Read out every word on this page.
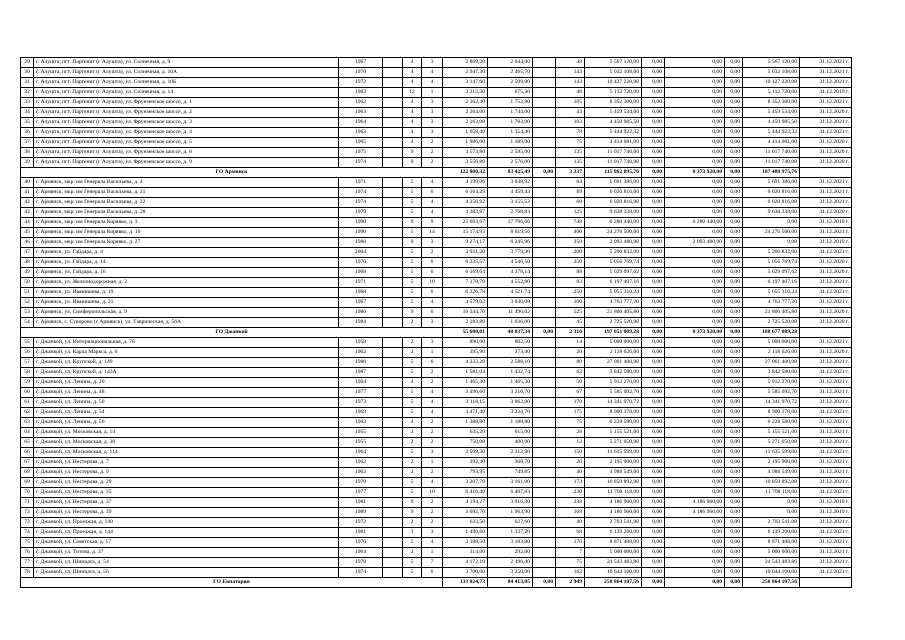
29	г. Алушта, пгт. Партенит (г Алушта), ул. Солнечная, д. 9	1967		4	3	2 869,20	2 044,00		48	5 567 120,00	0,00	0,00	0,00	5 567 120,00	31.12.2021 г.
30	г. Алушта, пгт. Партенит (г Алушта), ул. Солнечная, д. 10А	1970		4	4	2 947,30	2 465,70		143	5 032 108,00	0,00	0,00	0,00	5 032 108,00	31.12.2021 г.
31	г. Алушта, пгт. Партенит (г Алушта), ул. Солнечная, д. 10Б	1972		4	4	3 147,60	2 599,00		143	10 427 220,00	0,00	0,00	0,00	10 427 220,00	31.12.2021 г.
32	г. Алушта, пгт. Партенит (г Алушта), ул. Солнечная, д. 14	1983		12	1	3 215,30	675,30		48	5 112 720,00	0,00	0,00	0,00	5 112 720,00	31.12.2019 г.
33	г. Алушта, пгт. Партенит (г Алушта), ул. Фрунзенское шоссе, д. 1	1962		4	3	2 162,40	1 752,80		105	8 352 300,00	0,00	0,00	0,00	8 352 300,00	31.12.2021 г.
34	г. Алушта, пгт. Партенит (г Алушта), ул. Фрунзенское шоссе, д. 2	1963		4	3	2 204,00	1 744,00		43	5 459 534,00	0,00	0,00	0,00	5 459 534,00	31.12.2020 г.
35	г. Алушта, пгт. Партенит (г Алушта), ул. Фрунзенское шоссе, д. 3	1964		4	3	2 163,00	1 703,00		103	4 450 985,50	0,00	0,00	0,00	4 450 985,50	31.12.2021 г.
36	г. Алушта, пгт. Партенит (г Алушта), ул. Фрунзенское шоссе, д. 4	1963		4	3	1 658,40	1 354,40		78	5 444 922,32	0,00	0,00	0,00	5 444 922,32	31.12.2021 г.
37	г. Алушта, пгт. Партенит (г Алушта), ул. Фрунзенское шоссе, д. 5	1965		4	2	1 986,00	1 389,00		75	4 414 081,00	0,00	0,00	0,00	4 414 081,00	31.12.2020 г.
38	г. Алушта, пгт. Партенит (г Алушта), ул. Фрунзенское шоссе, д. 8	1975		9	2	3 573,80	2 595,00		135	11 017 740,00	0,00	0,00	0,00	11 017 740,00	31.12.2020 г.
39	г. Алушта, пгт. Партенит (г Алушта), ул. Фрунзенское шоссе, д. 9	1974		9	2	3 556,80	2 576,00		135	11 017 740,00	0,00	0,00	0,00	11 017 740,00	31.12.2020 г.
ГО Армянск						122 000,32	83 425,49	0,00	3 337	115 862 895,76	0,00	8 373 920,00	0,00	107 488 975,76	
40	г. Армянск, мкр. им Генерала Васильева, д. 4	1971		5	4	4 199,06	3 038,92		64	5 691 386,00	0,00	0,00	0,00	5 691 386,00	31.12.2021 г.
41	г. Армянск, мкр. им Генерала Васильева, д. 21	1974		5	6	6 164,29	4 459,43		89	6 020 816,00	0,00	0,00	0,00	6 020 816,00	31.12.2021 г.
42	г. Армянск, мкр. им Генерала Васильева, д. 22	1974		5	4	4 256,92	3 155,53		60	6 020 816,00	0,00	0,00	0,00	6 020 816,00	31.12.2021 г.
43	г. Армянск, мкр. им Генерала Васильева, д. 28	1979		5	4	4 383,87	2 768,83		125	9 638 338,00	0,00	0,00	0,00	9 638 338,00	31.12.2020 г.
44	г. Армянск, мкр. им Генерала Корявко, д. 3	1990		9	9	25 693,67	17 796,66		748	6 280 440,00	0,00	6 280 440,00	0,00	0,00	31.12.2019 г.
45	г. Армянск, мкр. им Генерала Корявко, д. 10	1990		5	14	15 174,93	8 619,56		400	24 276 500,00	0,00	0,00	0,00	24 276 500,00	31.12.2021 г.
46	г. Армянск, мкр. им Генерала Корявко, д. 27	1988		9	3	9 274,17	6 245,96		250	2 093 480,00	0,00	2 093 480,00	0,00	0,00	31.12.2019 г.
47	г. Армянск, ул. Гайдара, д. 4	2004		5	2	3 931,20	3 779,30		200	5 206 832,00	0,00	0,00	0,00	5 206 832,00	31.12.2021 г.
48	г. Армянск, ул. Гайдара, д. 14	1970		5	6	6 335,57	4 546,50		250	5 056 769,74	0,00	0,00	0,00	5 056 769,74	31.12.2020 г.
49	г. Армянск, ул. Гайдара, д. 16	1968		5	6	6 169,64	4 378,14		88	5 029 097,62	0,00	0,00	0,00	5 029 097,62	31.12.2020 г.
50	г. Армянск, ул. Железнодорожная, д. 2	1971		5	10	7 178,70	4 552,80		83	6 197 407,16	0,00	0,00	0,00	6 197 407,16	31.12.2021 г.
51	г. Армянск, ул. Иванишева, д. 19	1968		5	6	6 326,78	4 521,74		250	5 055 310,24	0,00	0,00	0,00	5 055 310,24	31.12.2021 г.
52	г. Армянск, ул. Иванишева, д. 21	1967		5	4	4 579,02	3 030,08		160	4 763 777,20	0,00	0,00	0,00	4 763 777,20	31.12.2021 г.
53	г. Армянск, ул. Симферопольская, д. 9	1986		9	6	16 344,70	11 496,02		525	21 806 405,80	0,00	0,00	0,00	21 806 405,80	31.12.2020 г.
54	г. Армянск, с. Суворово (г Армянск), ул. Таврическая, д. 56А	1984		2	3	2 183,80	1 036,00		45	2 725 520,00	0,00	0,00	0,00	2 725 520,00	31.12.2020 г.
ГО Джанкой						55 600,01	48 837,34	0,00	2 316	197 051 009,28	0,00	8 373 920,00	0,00	188 677 089,28	
55	г. Джанкой, ул. Интернациональная, д. 78	1958		2	3	890,00	802,50		14	5 000 000,00	0,00	0,00	0,00	5 000 000,00	31.12.2021 г.
56	г. Джанкой, ул. Карла Маркса, д. 6	1962		2	1	395,90	373,40		20	2 118 626,00	0,00	0,00	0,00	2 118 626,00	31.12.2020 г.
57	г. Джанкой, ул. Крупской, д. 149	1986		5	6	4 233,20	2 588,10		80	27 061 400,00	0,00	0,00	0,00	27 061 400,00	31.12.2021 г.
58	г. Джанкой, ул. Крупской, д. 143А	1987		5	2	1 581,04	1 432,74		63	3 842 580,00	0,00	0,00	0,00	3 842 580,00	31.12.2021 г.
59	г. Джанкой, ул. Ленина, д. 20	1964		4	2	1 465,30	1 465,30		50	5 912 270,00	0,00	0,00	0,00	5 912 270,00	31.12.2021 г.
60	г. Джанкой, ул. Ленина, д. 48	1977		5	4	3 496,60	3 216,70		67	5 585 092,70	0,00	0,00	0,00	5 585 092,70	31.12.2021 г.
61	г. Джанкой, ул. Ленина, д. 50	1973		5	4	3 118,15	3 062,00		170	14 341 970,72	0,00	0,00	0,00	14 341 970,72	31.12.2021 г.
62	г. Джанкой, ул. Ленина, д. 54	1969		5	4	3 471,40	3 224,70		175	8 900 178,00	0,00	0,00	0,00	8 900 178,00	31.12.2021 г.
63	г. Джанкой, ул. Ленина, д. 56	1963		4	2	1 388,80	1 188,80		75	6 228 580,00	0,00	0,00	0,00	6 228 580,00	31.12.2021 г.
64	г. Джанкой, ул. Московская, д. 14	1955		2	2	635,20	615,00		28	5 155 521,00	0,00	0,00	0,00	5 155 521,00	31.12.2021 г.
65	г. Джанкой, ул. Московская, д. 38	1955		2	2	750,00	400,00		12	5 271 050,00	0,00	0,00	0,00	5 271 050,00	31.12.2021 г.
66	г. Джанкой, ул. Московская, д. 114	1964		5	3	2 569,30	2 312,90		150	11 635 599,00	0,00	0,00	0,00	11 635 599,00	31.12.2021 г.
67	г. Джанкой, ул. Нестерова, д. 7	1962		2	1	392,40	368,70		20	2 195 900,00	0,00	0,00	0,00	2 195 900,00	31.12.2021 г.
68	г. Джанкой, ул. Нестерова, д. 9	1962		2	2	793,95	749,85		40	4 988 549,00	0,00	0,00	0,00	4 988 549,00	31.12.2021 г.
69	г. Джанкой, ул. Нестерова, д. 29	1970		5	4	3 207,70	3 161,00		173	10 859 892,00	0,00	0,00	0,00	10 859 892,00	31.12.2021 г.
70	г. Джанкой, ул. Нестерова, д. 35	1977		5	10	6 416,40	6 407,83		230	11 708 118,00	0,00	0,00	0,00	11 708 118,00	31.12.2021 г.
71	г. Джанкой, ул. Нестерова, д. 37	1981		9	2	4 194,27	3 916,30		238	4 186 960,00	0,00	4 186 960,00	0,00	0,00	31.12.2019 г.
72	г. Джанкой, ул. Нестерова, д. 39	1989		9	2	3 092,70	1 963,90		168	4 186 960,00	0,00	4 186 960,00	0,00	0,00	31.12.2019 г.
73	г. Джанкой, ул. Проезжая, д. 140	1972		2	2	633,50	627,60		40	2 703 541,00	0,00	0,00	0,00	2 703 541,00	31.12.2021 г.
74	г. Джанкой, ул. Проезжая, д. 144	1981		3	3	1 496,60	1 337,20		68	6 139 260,00	0,00	0,00	0,00	6 139 260,00	31.12.2021 г.
75	г. Джанкой, ул. Советская, д. 17	1976		5	4	3 188,50	3 183,80		170	8 871 408,00	0,00	0,00	0,00	8 871 408,00	31.12.2021 г.
76	г. Джанкой, ул. Титова, д. 37	1964		2	1	314,00	292,00		7	5 000 000,00	0,00	0,00	0,00	5 000 000,00	31.12.2021 г.
77	г. Джанкой, ул. Шинцата, д. 54	1978		5	7	4 172,10	2 496,40		75	24 543 483,86	0,00	0,00	0,00	24 543 483,86	31.12.2021 г.
78	г. Джанкой, ул. Шинцата, д. 56	1974		5	6	3 700,00	3 250,00		163	10 644 160,00	0,00	0,00	0,00	10 644 160,00	31.12.2021 г.
ГО Евпатория						133 024,73	84 413,05	0,00	2 949	258 864 107,56	0,00	0,00	0,00	258 864 107,56	
